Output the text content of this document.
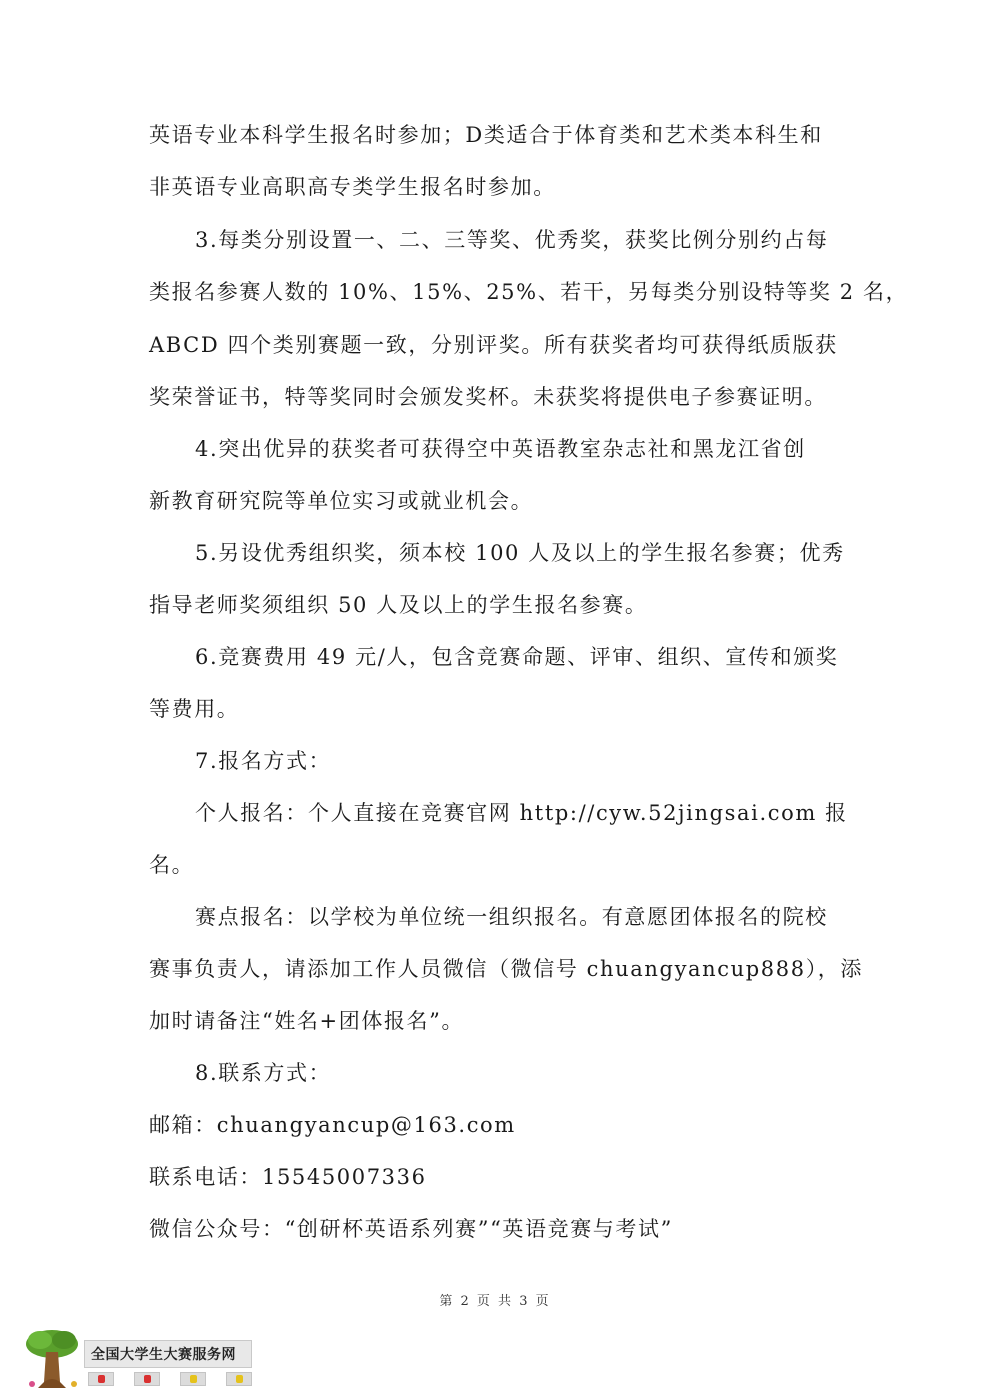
英语专业本科学生报名时参加；D类适合于体育类和艺术类本科生和
非英语专业高职高专类学生报名时参加。
3.每类分别设置一、二、三等奖、优秀奖，获奖比例分别约占每
类报名参赛人数的 10%、15%、25%、若干，另每类分别设特等奖 2 名，
ABCD 四个类别赛题一致，分别评奖。所有获奖者均可获得纸质版获
奖荣誉证书，特等奖同时会颁发奖杯。未获奖将提供电子参赛证明。
4.突出优异的获奖者可获得空中英语教室杂志社和黑龙江省创
新教育研究院等单位实习或就业机会。
5.另设优秀组织奖，须本校 100 人及以上的学生报名参赛；优秀
指导老师奖须组织 50 人及以上的学生报名参赛。
6.竞赛费用 49 元/人，包含竞赛命题、评审、组织、宣传和颁奖
等费用。
7.报名方式：
个人报名：个人直接在竞赛官网 http://cyw.52jingsai.com 报
名。
赛点报名：以学校为单位统一组织报名。有意愿团体报名的院校
赛事负责人，请添加工作人员微信（微信号 chuangyancup888），添
加时请备注“姓名+团体报名”。
8.联系方式：
邮箱：chuangyancup@163.com
联系电话：15545007336
微信公众号：“创研杯英语系列赛”“英语竞赛与考试”
第 2 页 共 3 页
全国大学生大赛服务网
